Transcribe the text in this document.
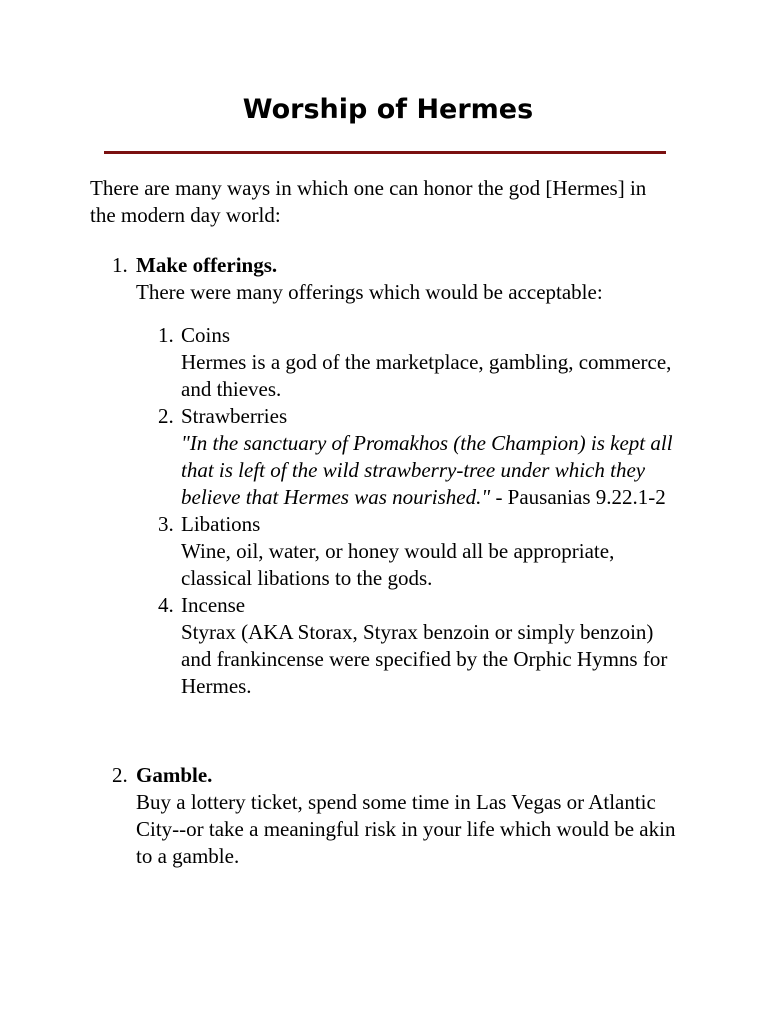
Worship of Hermes

There are many ways in which one can honor the god [Hermes] in the modern day world:

1. Make offerings.
There were many offerings which would be acceptable:
1. Coins
Hermes is a god of the marketplace, gambling, commerce, and thieves.
2. Strawberries
"In the sanctuary of Promakhos (the Champion) is kept all that is left of the wild strawberry-tree under which they believe that Hermes was nourished." - Pausanias 9.22.1-2
3. Libations
Wine, oil, water, or honey would all be appropriate, classical libations to the gods.
4. Incense
Styrax (AKA Storax, Styrax benzoin or simply benzoin) and frankincense were specified by the Orphic Hymns for Hermes.
2. Gamble.
Buy a lottery ticket, spend some time in Las Vegas or Atlantic City--or take a meaningful risk in your life which would be akin to a gamble.
